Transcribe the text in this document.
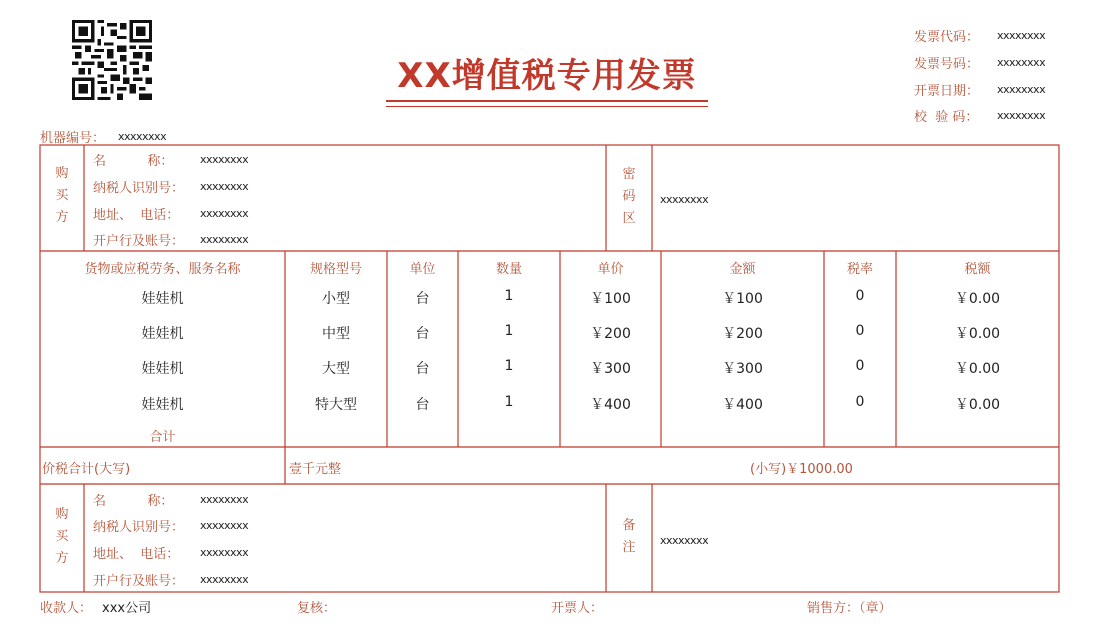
XX增值税专用发票
发票代码： xxxxxxxx
发票号码： xxxxxxxx
开票日期： xxxxxxxx
校  验 码： xxxxxxxx
机器编号： xxxxxxxx
购买方
名          称： xxxxxxxx
纳税人识别号： xxxxxxxx
地址、  电话： xxxxxxxx
开户行及账号： xxxxxxxx
密码区
xxxxxxxx
货物或应税劳务、服务名称	规格型号	单位	数量	单价	金额	税率	税额
娃娃机	小型	台	1	￥100	￥100	0	￥0.00
娃娃机	中型	台	1	￥200	￥200	0	￥0.00
娃娃机	大型	台	1	￥300	￥300	0	￥0.00
娃娃机	特大型	台	1	￥400	￥400	0	￥0.00
合计
价税合计(大写)	壹千元整	(小写)￥1000.00
购买方
名          称： xxxxxxxx
纳税人识别号： xxxxxxxx
地址、  电话： xxxxxxxx
开户行及账号： xxxxxxxx
备注	xxxxxxxx
收款人： xxx公司	复核：	开票人：	销售方：（章）
